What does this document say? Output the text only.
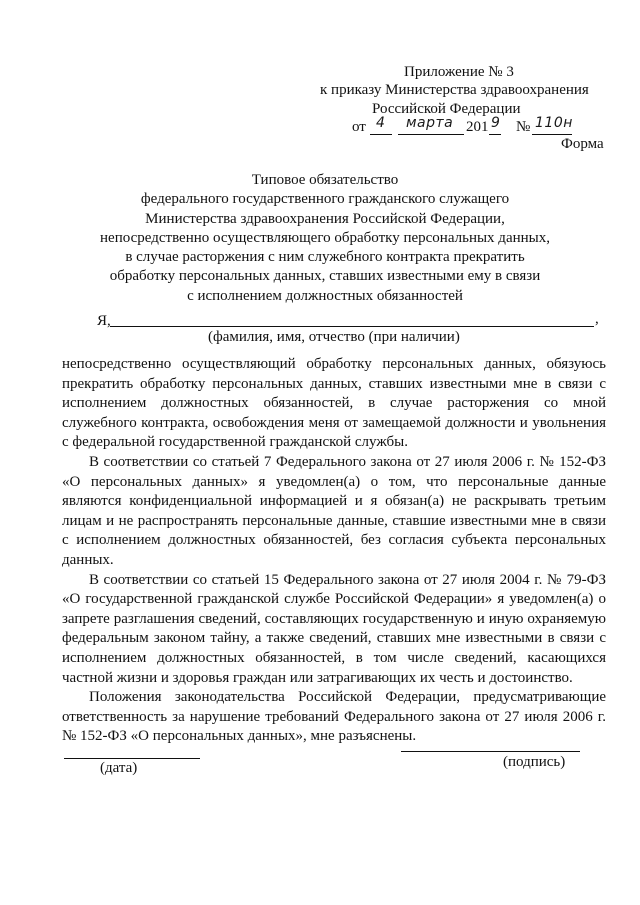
Приложение № 3
к приказу Министерства здравоохранения
Российской Федерации
от 4 марта 201 9 № 110н
Форма
Типовое обязательство
федерального государственного гражданского служащего
Министерства здравоохранения Российской Федерации,
непосредственно осуществляющего обработку персональных данных,
в случае расторжения с ним служебного контракта прекратить
обработку персональных данных, ставших известными ему в связи
с исполнением должностных обязанностей
Я,	,
(фамилия, имя, отчество (при наличии)

непосредственно осуществляющий обработку персональных данных, обязуюсь прекратить обработку персональных данных, ставших известными мне в связи с исполнением должностных обязанностей, в случае расторжения со мной служебного контракта, освобождения меня от замещаемой должности и увольнения с федеральной государственной гражданской службы.

В соответствии со статьей 7 Федерального закона от 27 июля 2006 г. № 152-ФЗ «О персональных данных» я уведомлен(а) о том, что персональные данные являются конфиденциальной информацией и я обязан(а) не раскрывать третьим лицам и не распространять персональные данные, ставшие известными мне в связи с исполнением должностных обязанностей, без согласия субъекта персональных данных.

В соответствии со статьей 15 Федерального закона от 27 июля 2004 г. № 79-ФЗ «О государственной гражданской службе Российской Федерации» я уведомлен(а) о запрете разглашения сведений, составляющих государственную и иную охраняемую федеральным законом тайну, а также сведений, ставших мне известными в связи с исполнением должностных обязанностей, в том числе сведений, касающихся частной жизни и здоровья граждан или затрагивающих их честь и достоинство.

Положения законодательства Российской Федерации, предусматривающие ответственность за нарушение требований Федерального закона от 27 июля 2006 г. № 152-ФЗ «О персональных данных», мне разъяснены.

(дата)	(подпись)
